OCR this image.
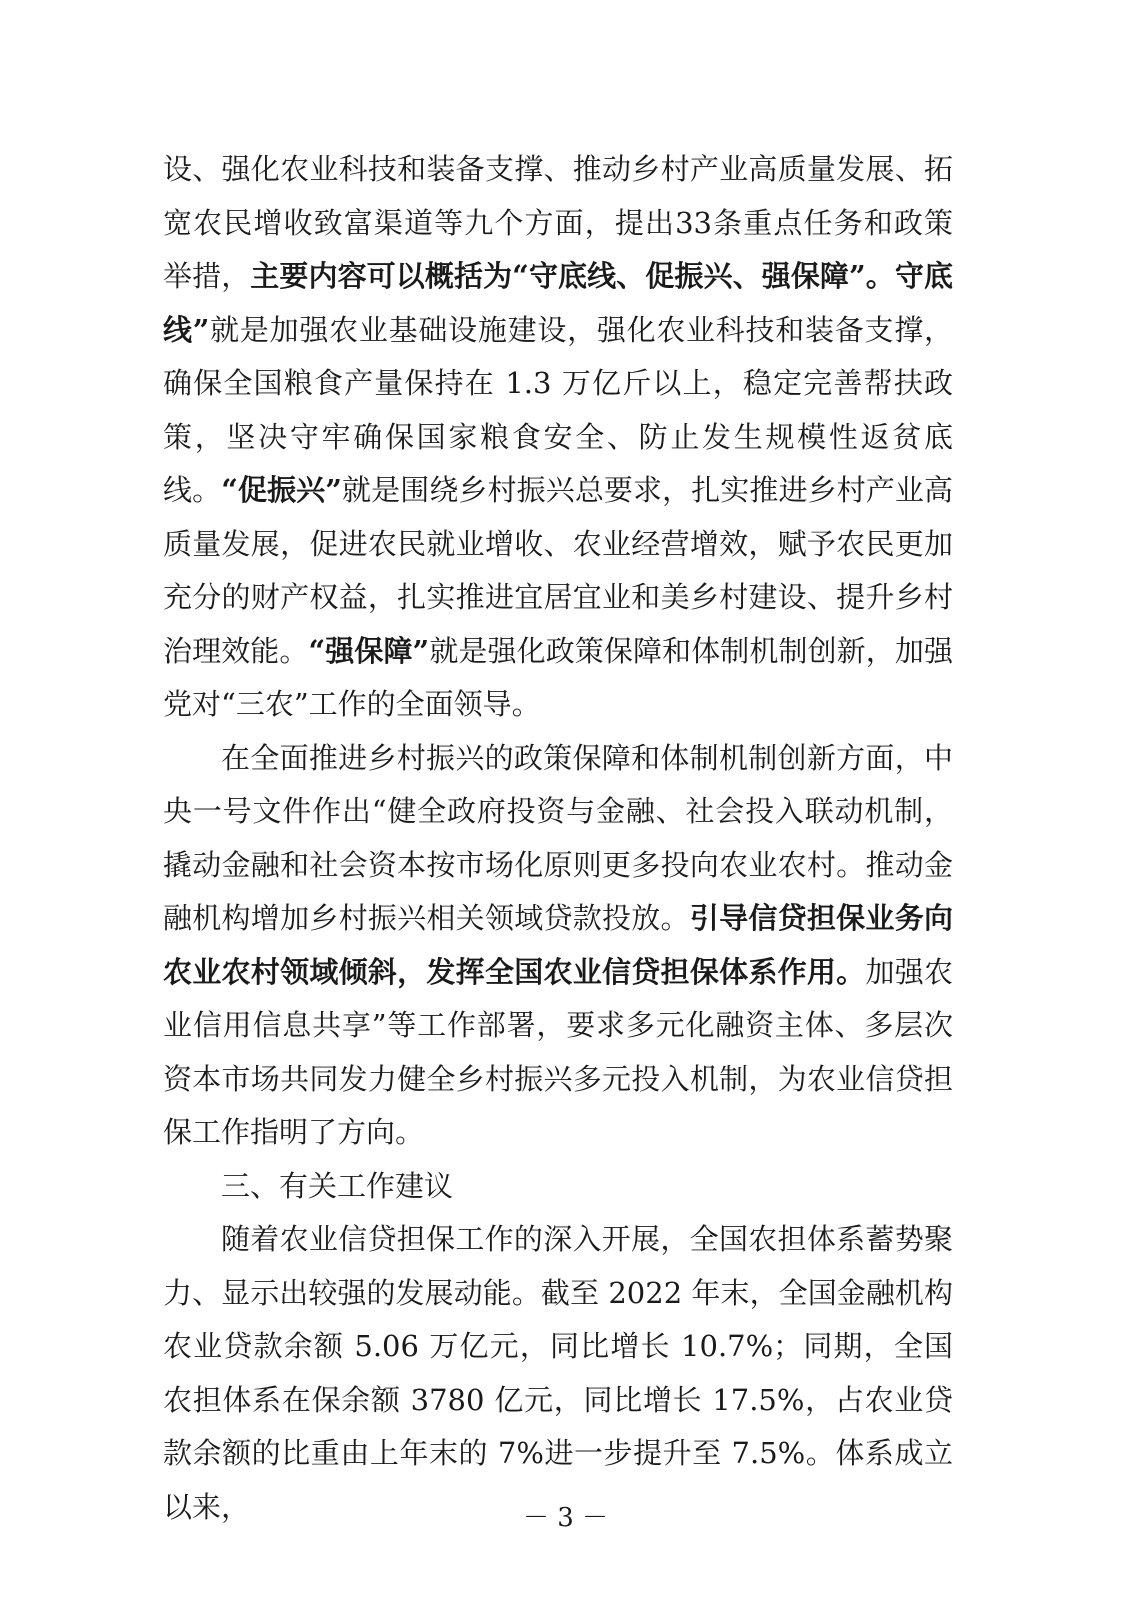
设、强化农业科技和装备支撑、推动乡村产业高质量发展、拓宽农民增收致富渠道等九个方面，提出33条重点任务和政策举措，主要内容可以概括为“守底线、促振兴、强保障”。守底线”就是加强农业基础设施建设，强化农业科技和装备支撑，确保全国粮食产量保持在 1.3 万亿斤以上，稳定完善帮扶政策，坚决守牢确保国家粮食安全、防止发生规模性返贫底线。“促振兴”就是围绕乡村振兴总要求，扎实推进乡村产业高质量发展，促进农民就业增收、农业经营增效，赋予农民更加充分的财产权益，扎实推进宜居宜业和美乡村建设、提升乡村治理效能。“强保障”就是强化政策保障和体制机制创新，加强党对“三农”工作的全面领导。

在全面推进乡村振兴的政策保障和体制机制创新方面，中央一号文件作出“健全政府投资与金融、社会投入联动机制，撬动金融和社会资本按市场化原则更多投向农业农村。推动金融机构增加乡村振兴相关领域贷款投放。引导信贷担保业务向农业农村领域倾斜，发挥全国农业信贷担保体系作用。加强农业信用信息共享”等工作部署，要求多元化融资主体、多层次资本市场共同发力健全乡村振兴多元投入机制，为农业信贷担保工作指明了方向。

三、有关工作建议

随着农业信贷担保工作的深入开展，全国农担体系蓄势聚力、显示出较强的发展动能。截至 2022 年末，全国金融机构农业贷款余额 5.06 万亿元，同比增长 10.7%；同期，全国农担体系在保余额 3780 亿元，同比增长 17.5%，占农业贷款余额的比重由上年末的 7%进一步提升至 7.5%。体系成立以来，	－ 3 －
